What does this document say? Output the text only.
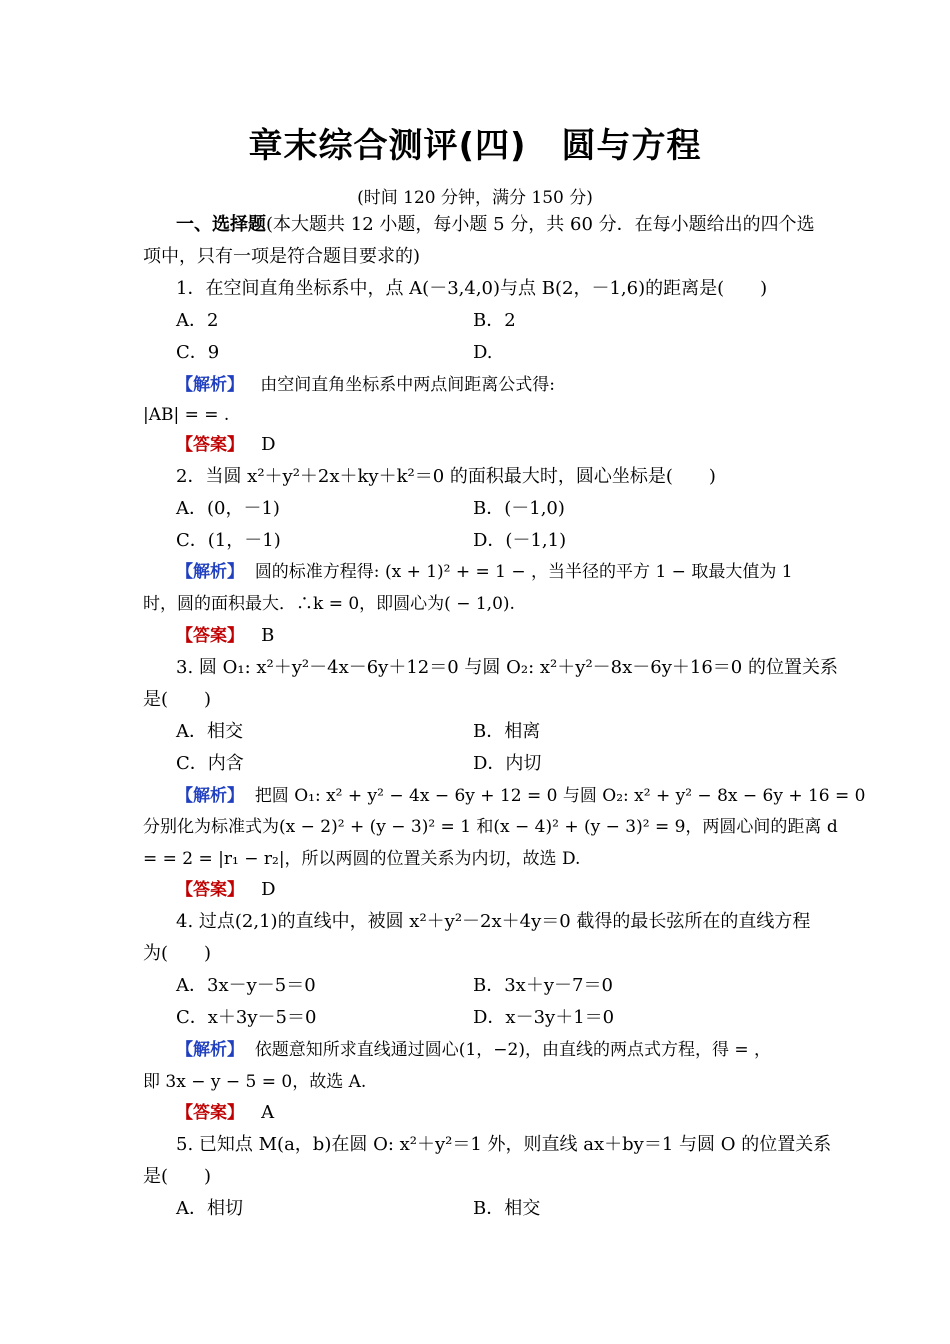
章末综合测评(四)　圆与方程
(时间 120 分钟，满分 150 分)
一、选择题(本大题共 12 小题，每小题 5 分，共 60 分．在每小题给出的四个选
项中，只有一项是符合题目要求的)
1．在空间直角坐标系中，点 A(－3,4,0)与点 B(2，－1,6)的距离是(　　)
A．2	B．2
C．9	D.
【解析】 由空间直角坐标系中两点间距离公式得:
|AB| = = .
【答案】 D
2．当圆 x²＋y²＋2x＋ky＋k²＝0 的面积最大时，圆心坐标是(　　)
A．(0，－1)	B．(－1,0)
C．(1，－1)	D．(－1,1)
【解析】 圆的标准方程得: (x + 1)² + = 1 − ，当半径的平方 1 − 取最大值为 1
时，圆的面积最大．∴k = 0，即圆心为( − 1,0).
【答案】 B
3. 圆 O₁: x²＋y²－4x－6y＋12＝0 与圆 O₂: x²＋y²－8x－6y＋16＝0 的位置关系
是(　　)
A．相交	B．相离
C．内含	D．内切
【解析】 把圆 O₁: x² + y² − 4x − 6y + 12 = 0 与圆 O₂: x² + y² − 8x − 6y + 16 = 0
分别化为标准式为(x − 2)² + (y − 3)² = 1 和(x − 4)² + (y − 3)² = 9，两圆心间的距离 d
= = 2 = |r₁ − r₂|，所以两圆的位置关系为内切，故选 D.
【答案】 D
4. 过点(2,1)的直线中，被圆 x²＋y²－2x＋4y＝0 截得的最长弦所在的直线方程
为(　　)
A．3x－y－5＝0	B．3x＋y－7＝0
C．x＋3y－5＝0	D．x－3y＋1＝0
【解析】 依题意知所求直线通过圆心(1，−2)，由直线的两点式方程，得 = ，
即 3x − y − 5 = 0，故选 A.
【答案】 A
5. 已知点 M(a，b)在圆 O: x²＋y²＝1 外，则直线 ax＋by＝1 与圆 O 的位置关系
是(　　)
A．相切	B．相交
